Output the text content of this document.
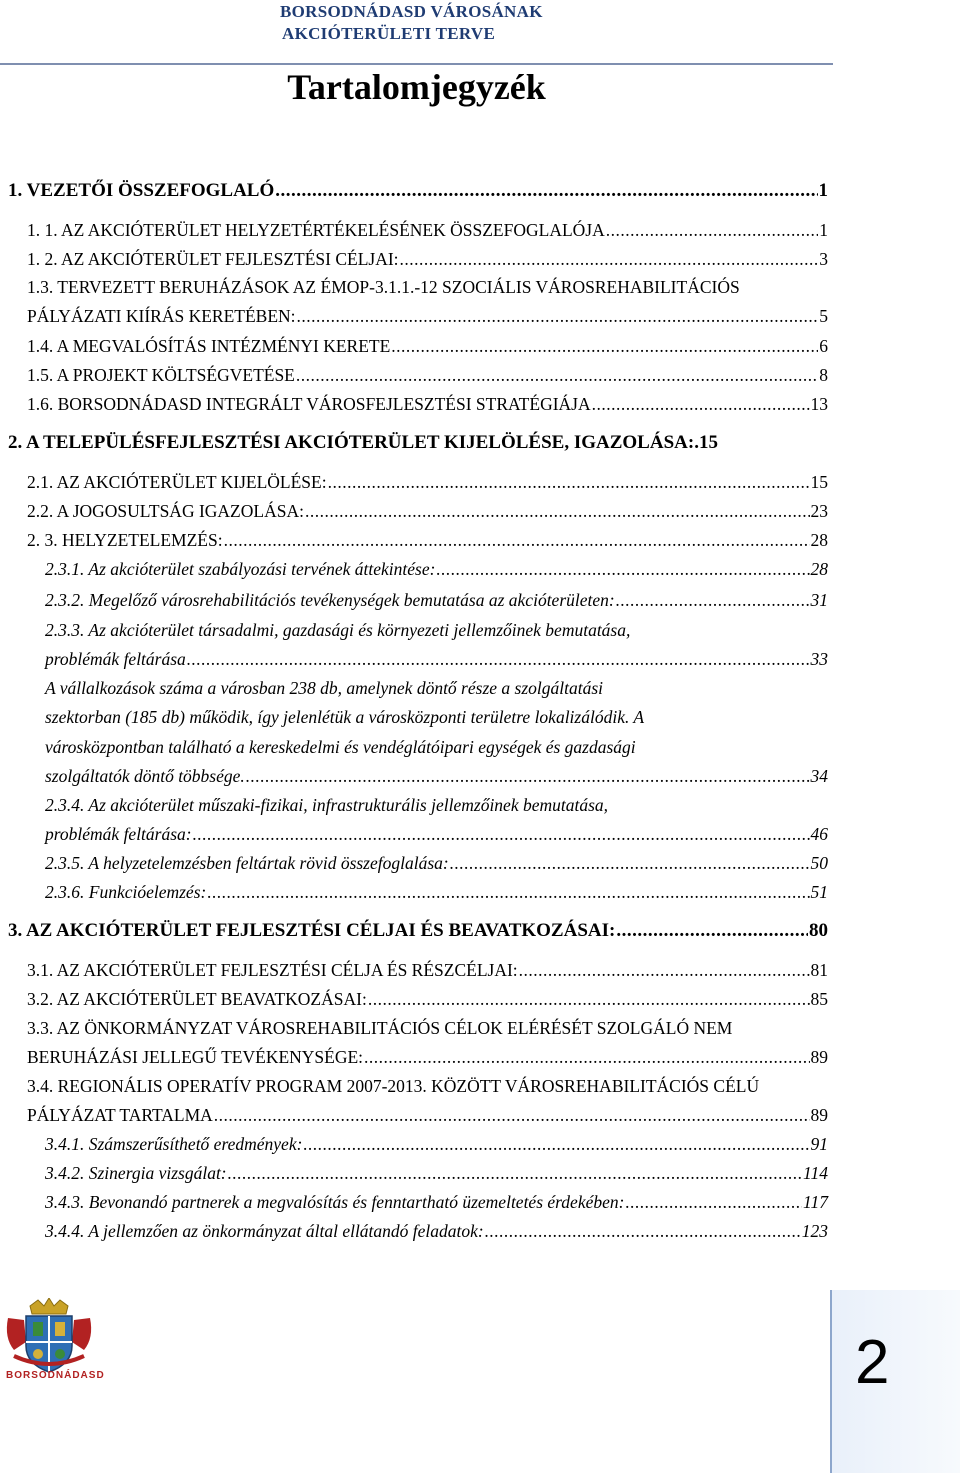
BORSODNÁDASD VÁROSÁNAK
AKCIÓTERÜLETI TERVE
Tartalomjegyzék
1. VEZETŐI ÖSSZEFOGLALÓ .....	1
1. 1. AZ AKCIÓTERÜLET HELYZETÉRTÉKELÉSÉNEK ÖSSZEFOGLALÓJA .....	1
1. 2. AZ AKCIÓTERÜLET FEJLESZTÉSI CÉLJAI: .....	3
1.3. TERVEZETT BERUHÁZÁSOK AZ ÉMOP-3.1.1.-12 SZOCIÁLIS VÁROSREHABILITÁCIÓS
PÁLYÁZATI KIÍRÁS KERETÉBEN: .....	5
1.4. A MEGVALÓSÍTÁS INTÉZMÉNYI KERETE .....	6
1.5. A PROJEKT KÖLTSÉGVETÉSE .....	8
1.6. BORSODNÁDASD INTEGRÁLT VÁROSFEJLESZTÉSI STRATÉGIÁJA .....	13
2. A TELEPÜLÉSFEJLESZTÉSI AKCIÓTERÜLET KIJELÖLÉSE, IGAZOLÁSA: .15
2.1. AZ AKCIÓTERÜLET KIJELÖLÉSE: .....	15
2.2. A JOGOSULTSÁG IGAZOLÁSA: .....	23
2. 3. HELYZETELEMZÉS: .....	28
2.3.1. Az akcióterület szabályozási tervének áttekintése: .....	28
2.3.2. Megelőző városrehabilitációs tevékenységek bemutatása az akcióterületen: .....	31
2.3.3. Az akcióterület társadalmi, gazdasági és környezeti jellemzőinek bemutatása,
problémák feltárása .....	33
A vállalkozások száma a városban 238 db, amelynek döntő része a szolgáltatási
szektorban (185 db) működik, így jelenlétük a városközponti területre lokalizálódik. A
városközpontban található a kereskedelmi és vendéglátóipari egységek és gazdasági
szolgáltatók döntő többsége. .....	34
2.3.4. Az akcióterület műszaki-fizikai, infrastrukturális jellemzőinek bemutatása,
problémák feltárása: .....	46
2.3.5. A helyzetelemzésben feltártak rövid összefoglalása: .....	50
2.3.6. Funkcióelemzés: .....	51
3. AZ AKCIÓTERÜLET FEJLESZTÉSI CÉLJAI ÉS BEAVATKOZÁSAI: .....	80
3.1. AZ AKCIÓTERÜLET FEJLESZTÉSI CÉLJA ÉS RÉSZCÉLJAI: .....	81
3.2. AZ AKCIÓTERÜLET BEAVATKOZÁSAI: .....	85
3.3. AZ ÖNKORMÁNYZAT VÁROSREHABILITÁCIÓS CÉLOK ELÉRÉSÉT SZOLGÁLÓ NEM
BERUHÁZÁSI JELLEGŰ TEVÉKENYSÉGE: .....	89
3.4. REGIONÁLIS OPERATÍV PROGRAM 2007-2013. KÖZÖTT VÁROSREHABILITÁCIÓS CÉLÚ
PÁLYÁZAT TARTALMA .....	89
3.4.1. Számszerűsíthető eredmények: .....	91
3.4.2. Szinergia vizsgálat: .....	114
3.4.3. Bevonandó partnerek a megvalósítás és fenntartható üzemeltetés érdekében: .....	117
3.4.4. A jellemzően az önkormányzat által ellátandó feladatok: .....	123
BORSODNÁDASD	2
